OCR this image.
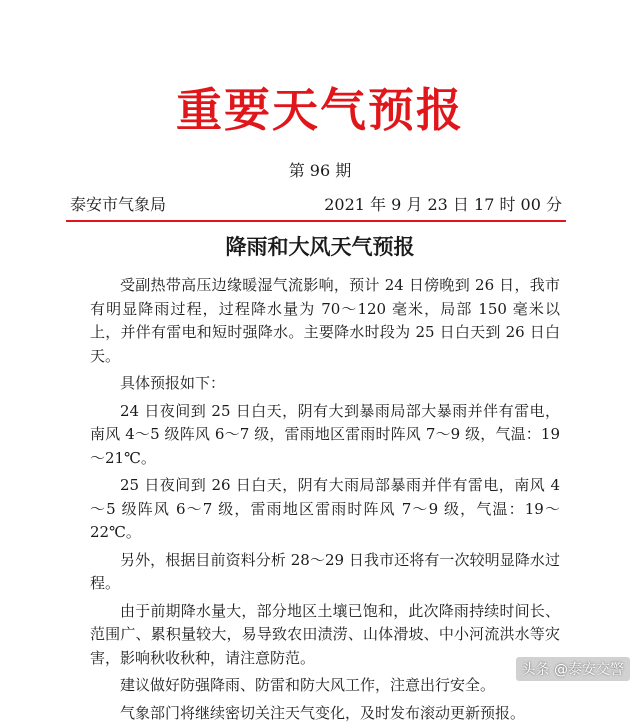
重要天气预报
第 96 期
泰安市气象局	2021 年 9 月 23 日 17 时 00 分
降雨和大风天气预报

受副热带高压边缘暖湿气流影响，预计 24 日傍晚到 26 日，我市有明显降雨过程，过程降水量为 70～120 毫米，局部 150 毫米以上，并伴有雷电和短时强降水。主要降水时段为 25 日白天到 26 日白天。

具体预报如下：

24 日夜间到 25 日白天，阴有大到暴雨局部大暴雨并伴有雷电，南风 4～5 级阵风 6～7 级，雷雨地区雷雨时阵风 7～9 级，气温：19～21℃。

25 日夜间到 26 日白天，阴有大雨局部暴雨并伴有雷电，南风 4～5 级阵风 6～7 级，雷雨地区雷雨时阵风 7～9 级，气温：19～22℃。

另外，根据目前资料分析 28～29 日我市还将有一次较明显降水过程。

由于前期降水量大，部分地区土壤已饱和，此次降雨持续时间长、范围广、累积量较大，易导致农田渍涝、山体滑坡、中小河流洪水等灾害，影响秋收秋种，请注意防范。

建议做好防强降雨、防雷和防大风工作，注意出行安全。

气象部门将继续密切关注天气变化，及时发布滚动更新预报。

头条 @泰安交警
